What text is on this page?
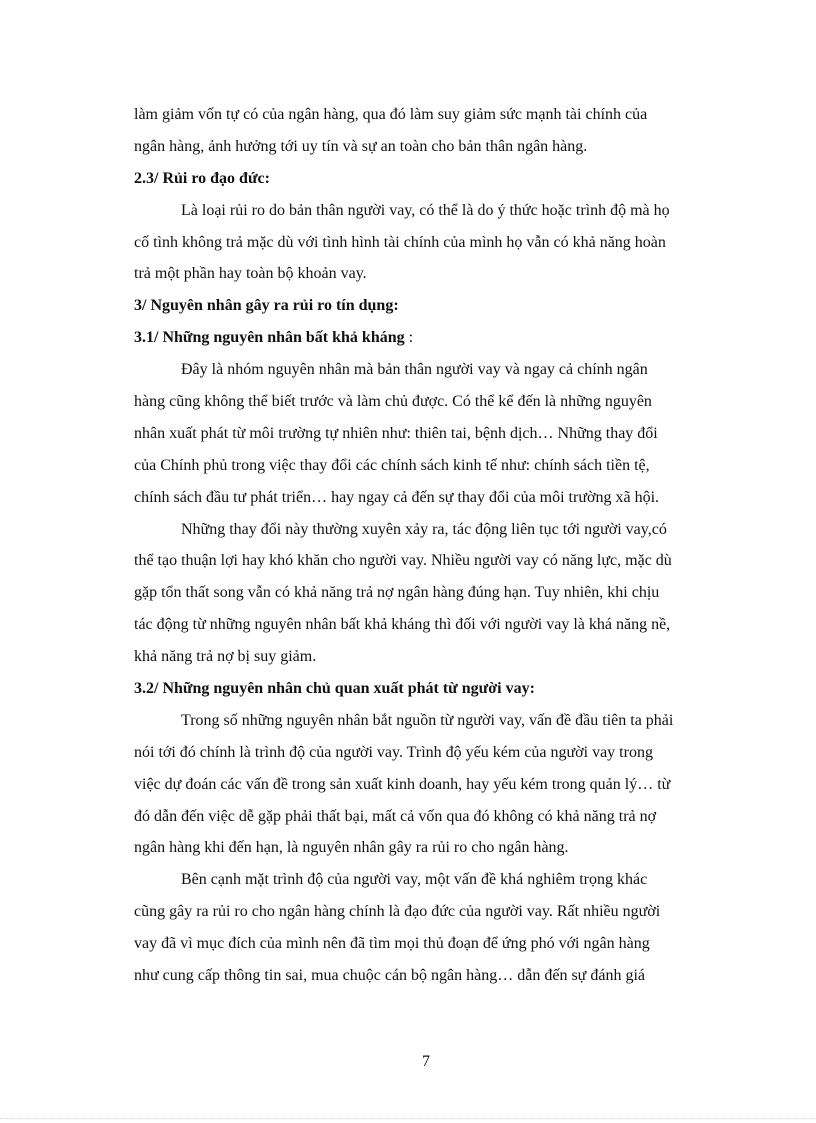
làm giảm vốn tự có của ngân hàng, qua đó làm suy giảm sức mạnh tài chính của
ngân hàng, ảnh hưởng tới uy tín và sự an toàn cho bản thân ngân hàng.
2.3/ Rủi ro đạo đức:
Là loại rủi ro do bản thân người vay, có thể là do ý thức hoặc trình độ mà họ
cố tình không trả mặc dù với tình hình tài chính của mình họ vẫn có khả năng hoàn
trả một phần hay toàn bộ khoản vay.
3/ Nguyên nhân gây ra rủi ro tín dụng:
3.1/ Những nguyên nhân bất khả kháng :
Đây là nhóm nguyên nhân mà bản thân người vay và ngay cả chính ngân
hàng cũng không thể biết trước và làm chủ được. Có thể kể đến là những nguyên
nhân xuất phát từ môi trường tự nhiên như: thiên tai, bệnh dịch… Những thay đổi
của Chính phủ trong việc thay đổi các chính sách kinh tế như: chính sách tiền tệ,
chính sách đầu tư phát triển… hay ngay cả đến sự thay đổi của môi trường xã hội.
Những thay đổi này thường xuyên xảy ra, tác động liên tục tới người vay,có
thể tạo thuận lợi hay khó khăn cho người vay. Nhiều người vay có năng lực, mặc dù
gặp tổn thất song vẫn có khả năng trả nợ ngân hàng đúng hạn. Tuy nhiên, khi chịu
tác động từ những nguyên nhân bất khả kháng thì đối với người vay là khá năng nề,
khả năng trả nợ bị suy giảm.
3.2/ Những nguyên nhân chủ quan xuất phát từ người vay:
Trong số những nguyên nhân bắt nguồn từ người vay, vấn đề đầu tiên ta phải
nói tới đó chính là trình độ của người vay. Trình độ yếu kém của người vay trong
việc dự đoán các vấn đề trong sản xuất kinh doanh, hay yếu kém trong quản lý… từ
đó dẫn đến việc dễ gặp phải thất bại, mất cả vốn qua đó không có khả năng trả nợ
ngân hàng khi đến hạn, là nguyên nhân gây ra rủi ro cho ngân hàng.
Bên cạnh mặt trình độ của người vay, một vấn đề khá nghiêm trọng khác
cũng gây ra rủi ro cho ngân hàng chính là đạo đức của người vay. Rất nhiều người
vay đã vì mục đích của mình nên đã tìm mọi thủ đoạn để ứng phó với ngân hàng
như cung cấp thông tin sai, mua chuộc cán bộ ngân hàng… dẫn đến sự đánh giá
7
